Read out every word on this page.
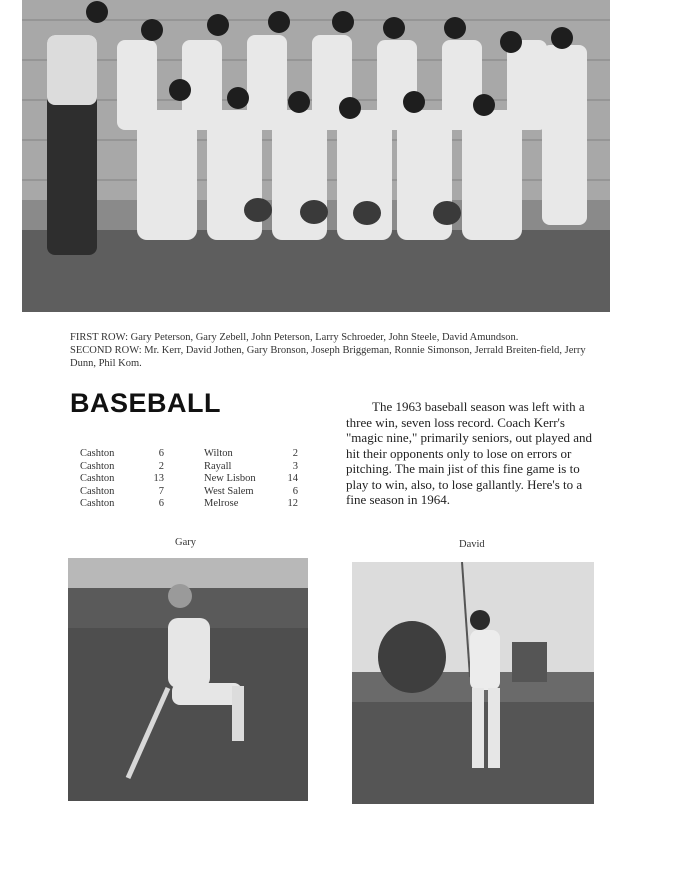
FIRST ROW: Gary Peterson, Gary Zebell, John Peterson, Larry Schroeder, John Steele, David Amundson.
SECOND ROW: Mr. Kerr, David Jothen, Gary Bronson, Joseph Briggeman, Ronnie Simonson, Jerrald Breiten-field, Jerry Dunn, Phil Kom.
BASEBALL
Cashton	6	Wilton	2
Cashton	2	Rayall	3
Cashton	13	New Lisbon	14
Cashton	7	West Salem	6
Cashton	6	Melrose	12
The 1963 baseball season was left with a three win, seven loss record. Coach Kerr's "magic nine," primarily seniors, out played and hit their opponents only to lose on errors or pitching. The main jist of this fine game is to play to win, also, to lose gallantly. Here's to a fine season in 1964.
Gary	David
